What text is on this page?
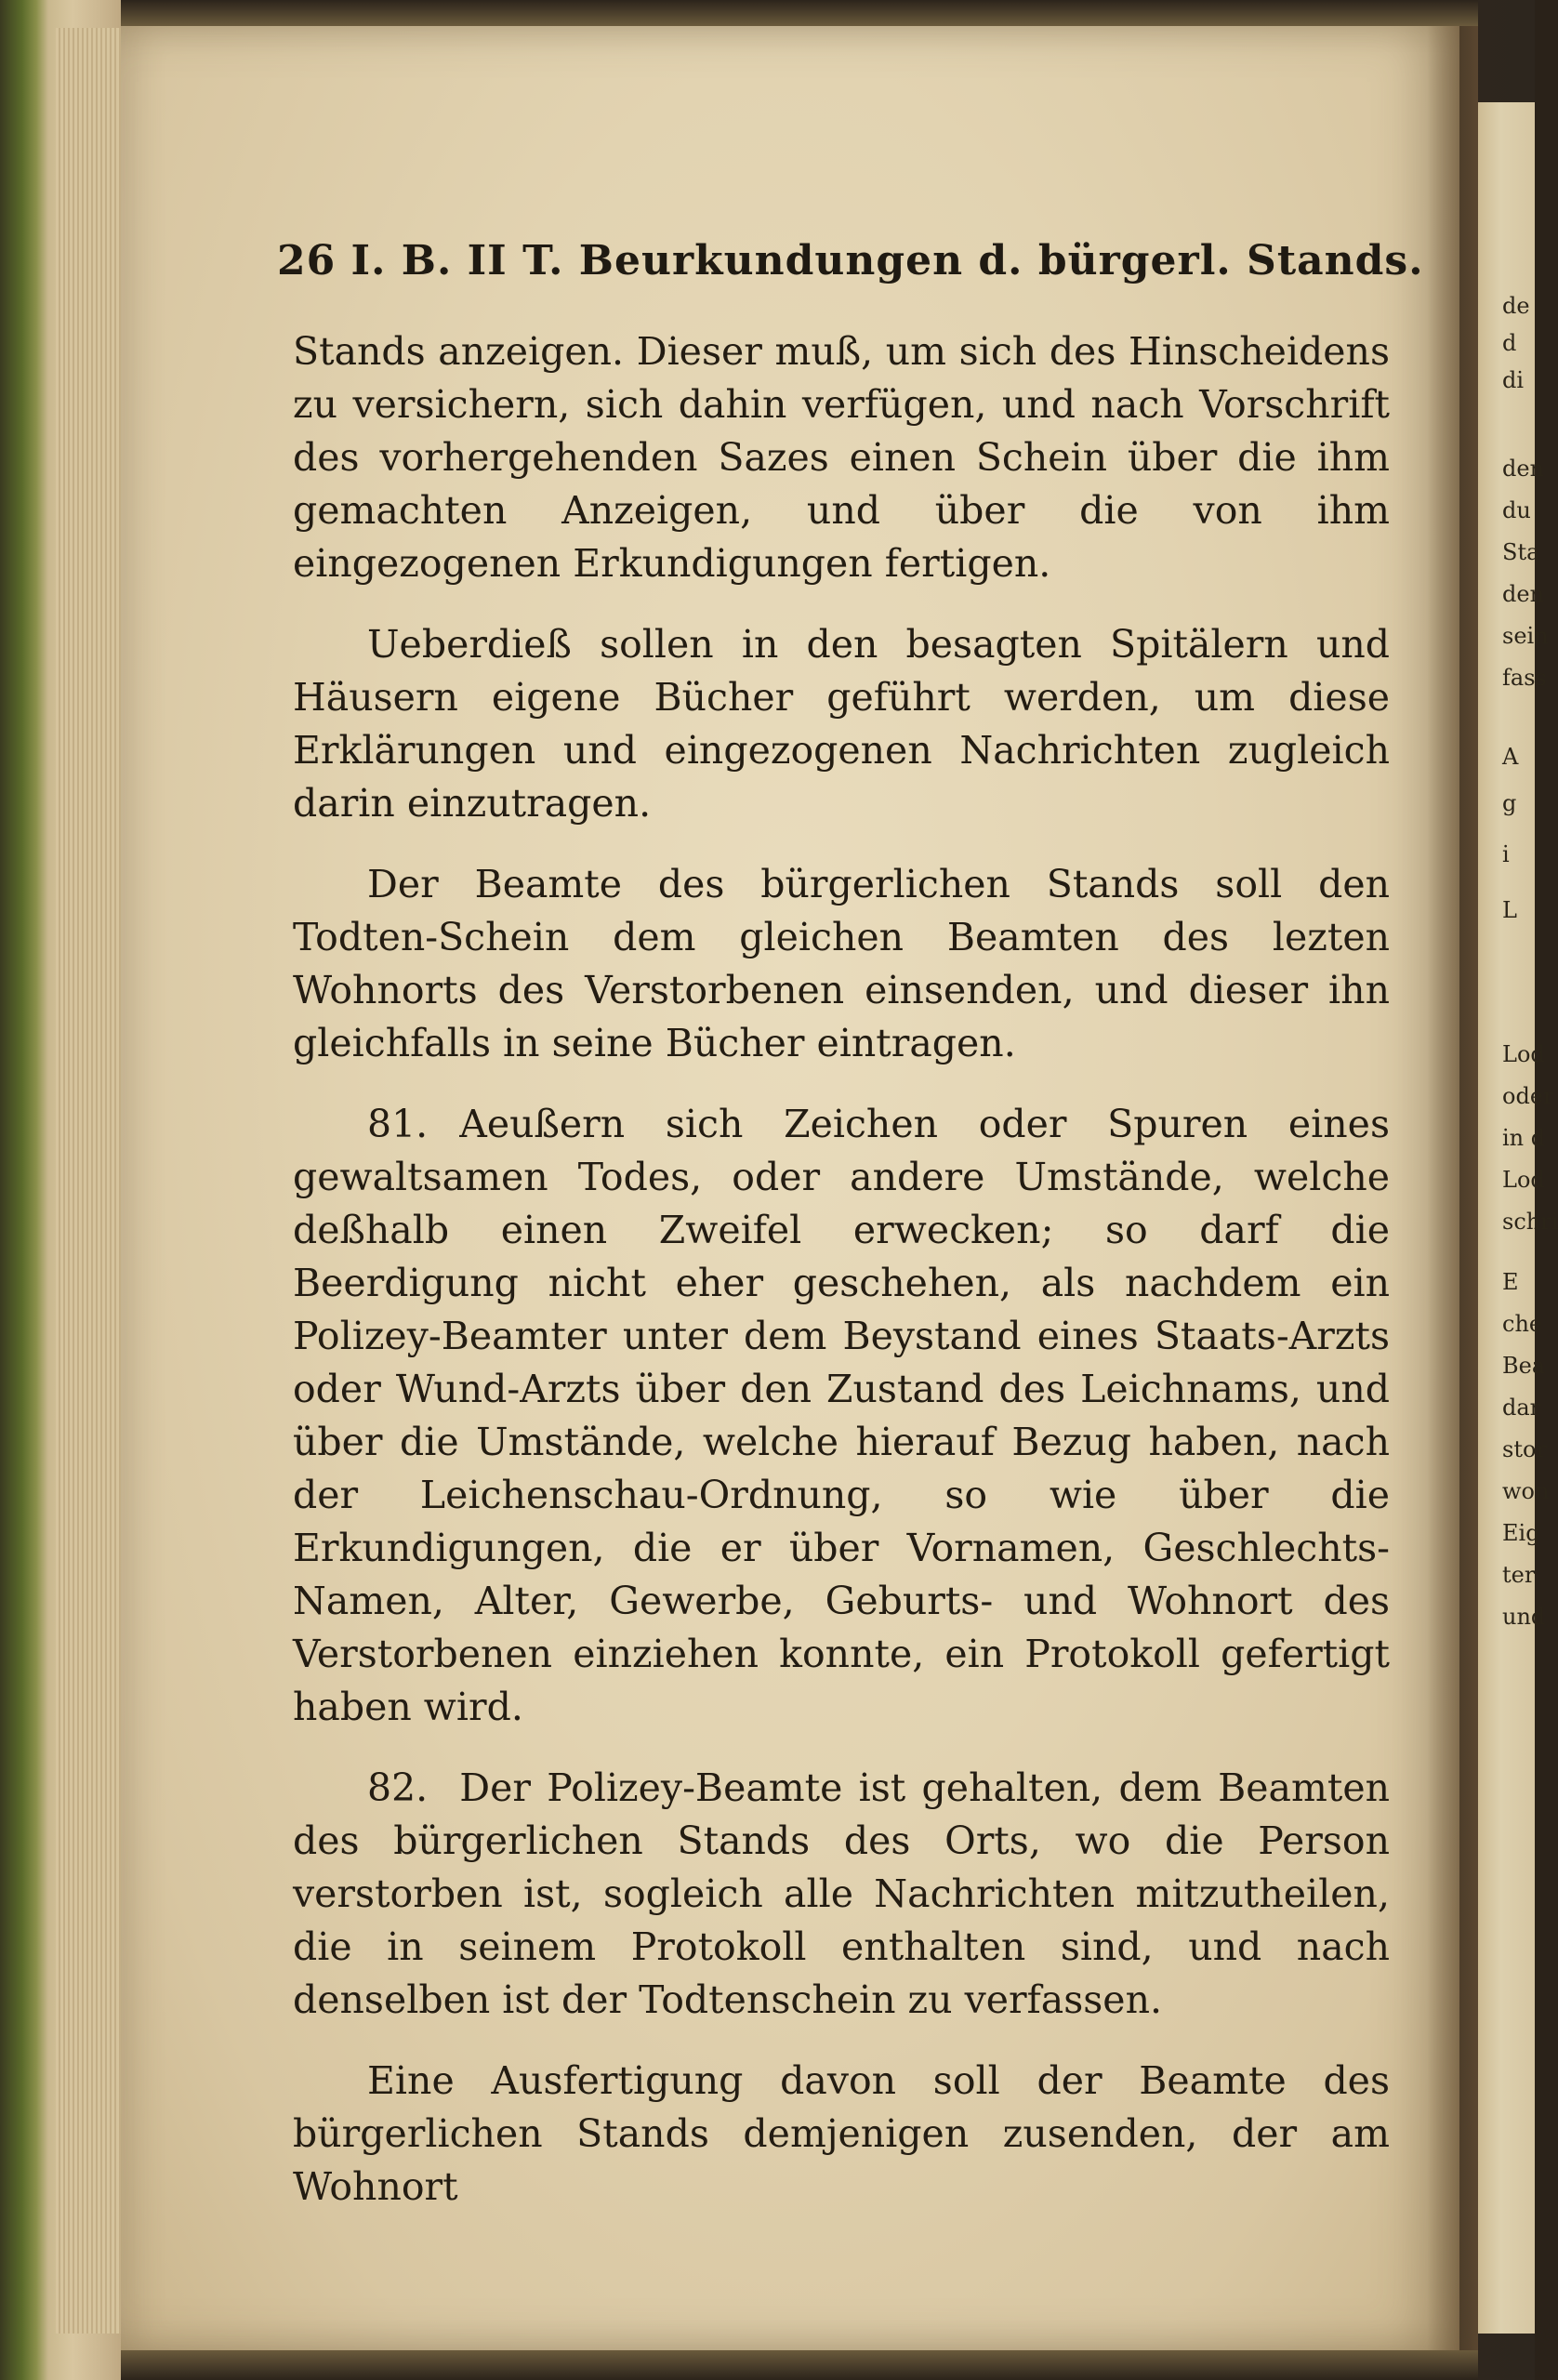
de
d
di
den
du
Sta
den
sein
fass
A
g
i
L
Lod
oder
in d
Lod
schri
E
che
Bea
dar
stor
won
Eig
ter
und
26 I. B. II T. Beurkundungen d. bürgerl. Stands.

Stands anzeigen. Dieser muß, um sich des Hinscheidens zu versichern, sich dahin verfügen, und nach Vorschrift des vorhergehenden Sazes einen Schein über die ihm gemachten Anzeigen, und über die von ihm eingezogenen Erkundigungen fertigen.

Ueberdieß sollen in den besagten Spitälern und Häusern eigene Bücher geführt werden, um diese Erklärungen und eingezogenen Nachrichten zugleich darin einzutragen.

Der Beamte des bürgerlichen Stands soll den Todten-Schein dem gleichen Beamten des lezten Wohnorts des Verstorbenen einsenden, und dieser ihn gleichfalls in seine Bücher eintragen.

81. Aeußern sich Zeichen oder Spuren eines gewaltsamen Todes, oder andere Umstände, welche deßhalb einen Zweifel erwecken; so darf die Beerdigung nicht eher geschehen, als nachdem ein Polizey-Beamter unter dem Beystand eines Staats-Arzts oder Wund-Arzts über den Zustand des Leichnams, und über die Umstände, welche hierauf Bezug haben, nach der Leichenschau-Ordnung, so wie über die Erkundigungen, die er über Vornamen, Geschlechts-Namen, Alter, Gewerbe, Geburts- und Wohnort des Verstorbenen einziehen konnte, ein Protokoll gefertigt haben wird.

82. Der Polizey-Beamte ist gehalten, dem Beamten des bürgerlichen Stands des Orts, wo die Person verstorben ist, sogleich alle Nachrichten mitzutheilen, die in seinem Protokoll enthalten sind, und nach denselben ist der Todtenschein zu verfassen.

Eine Ausfertigung davon soll der Beamte des bürgerlichen Stands demjenigen zusenden, der am Wohnort
